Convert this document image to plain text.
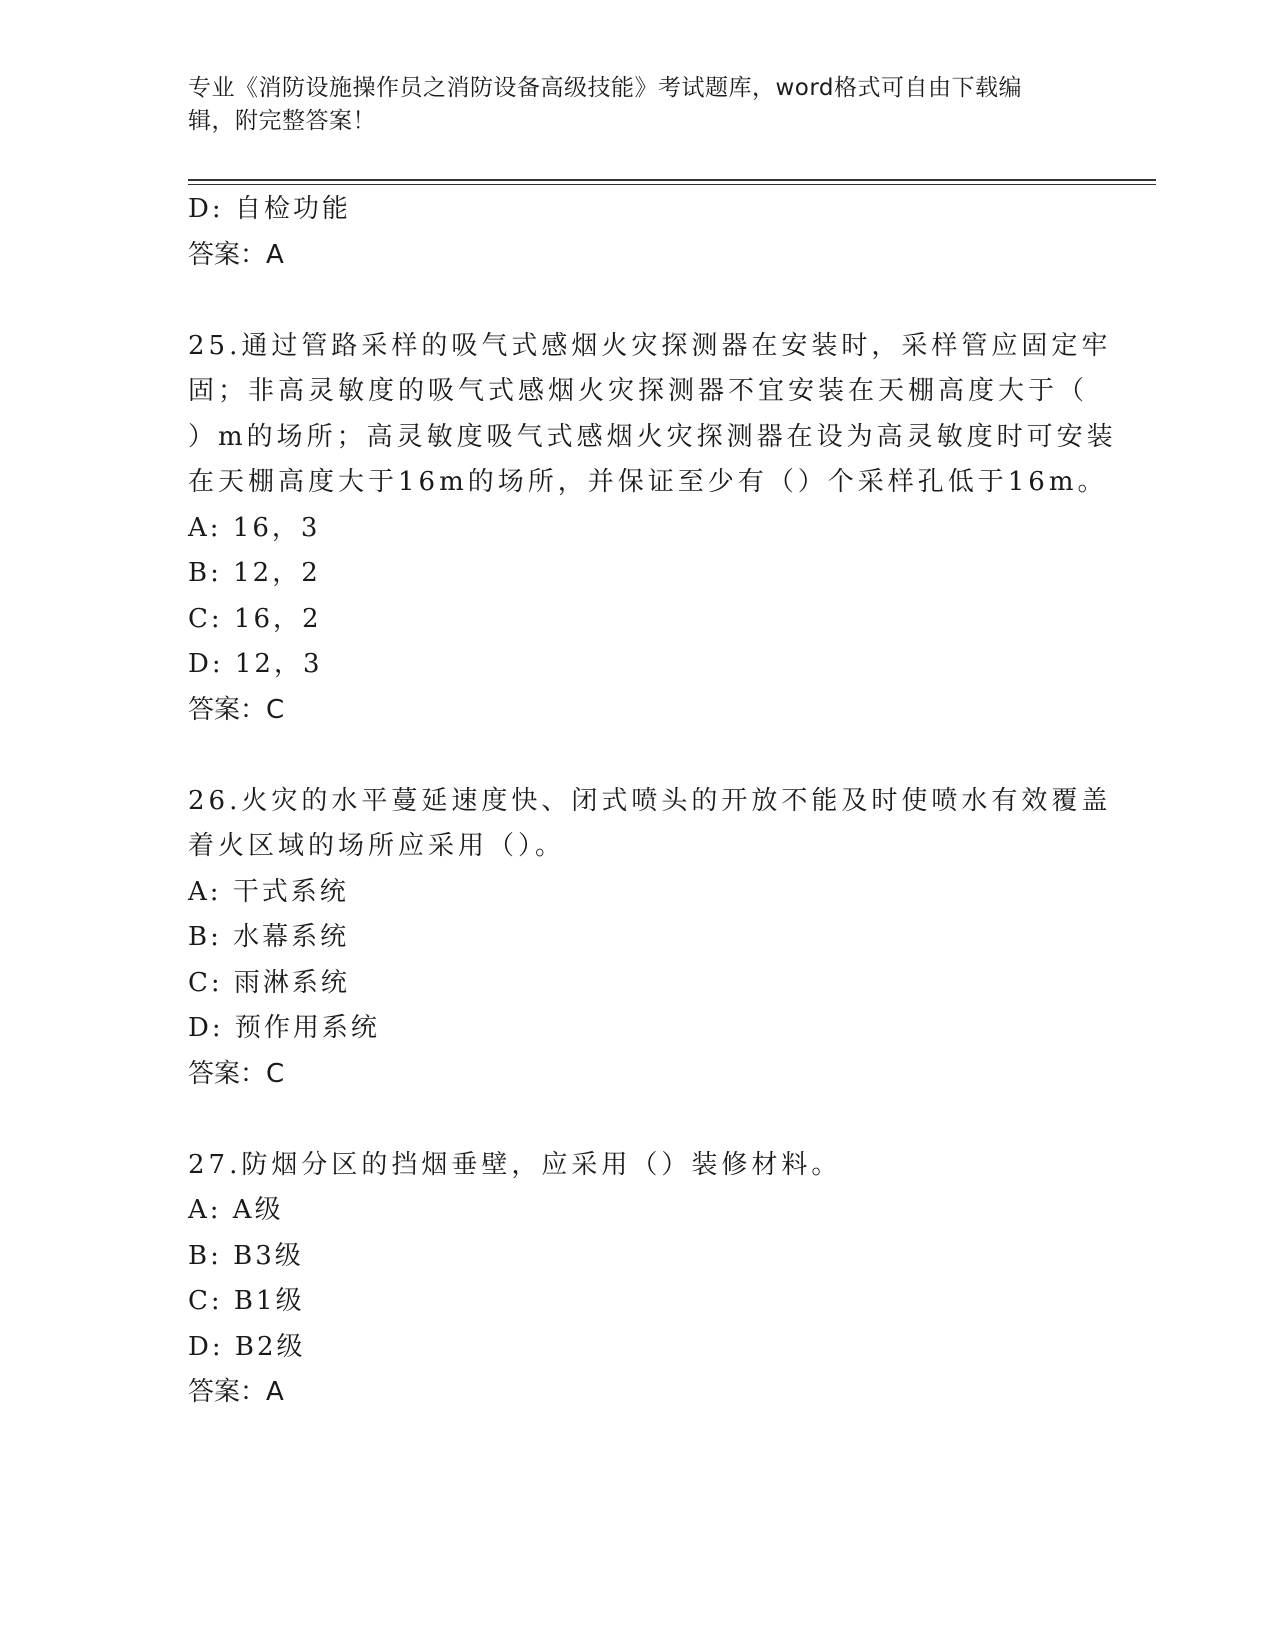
专业《消防设施操作员之消防设备高级技能》考试题库，word格式可自由下载编
辑，附完整答案！
D: 自检功能
答案：A
25.通过管路采样的吸气式感烟火灾探测器在安装时，采样管应固定牢
固；非高灵敏度的吸气式感烟火灾探测器不宜安装在天棚高度大于（
）m的场所；高灵敏度吸气式感烟火灾探测器在设为高灵敏度时可安装
在天棚高度大于16m的场所，并保证至少有（）个采样孔低于16m。
A: 16，3
B: 12，2
C: 16，2
D: 12，3
答案：C
26.火灾的水平蔓延速度快、闭式喷头的开放不能及时使喷水有效覆盖
着火区域的场所应采用（）。
A: 干式系统
B: 水幕系统
C: 雨淋系统
D: 预作用系统
答案：C
27.防烟分区的挡烟垂壁，应采用（）装修材料。
A: A级
B: B3级
C: B1级
D: B2级
答案：A
